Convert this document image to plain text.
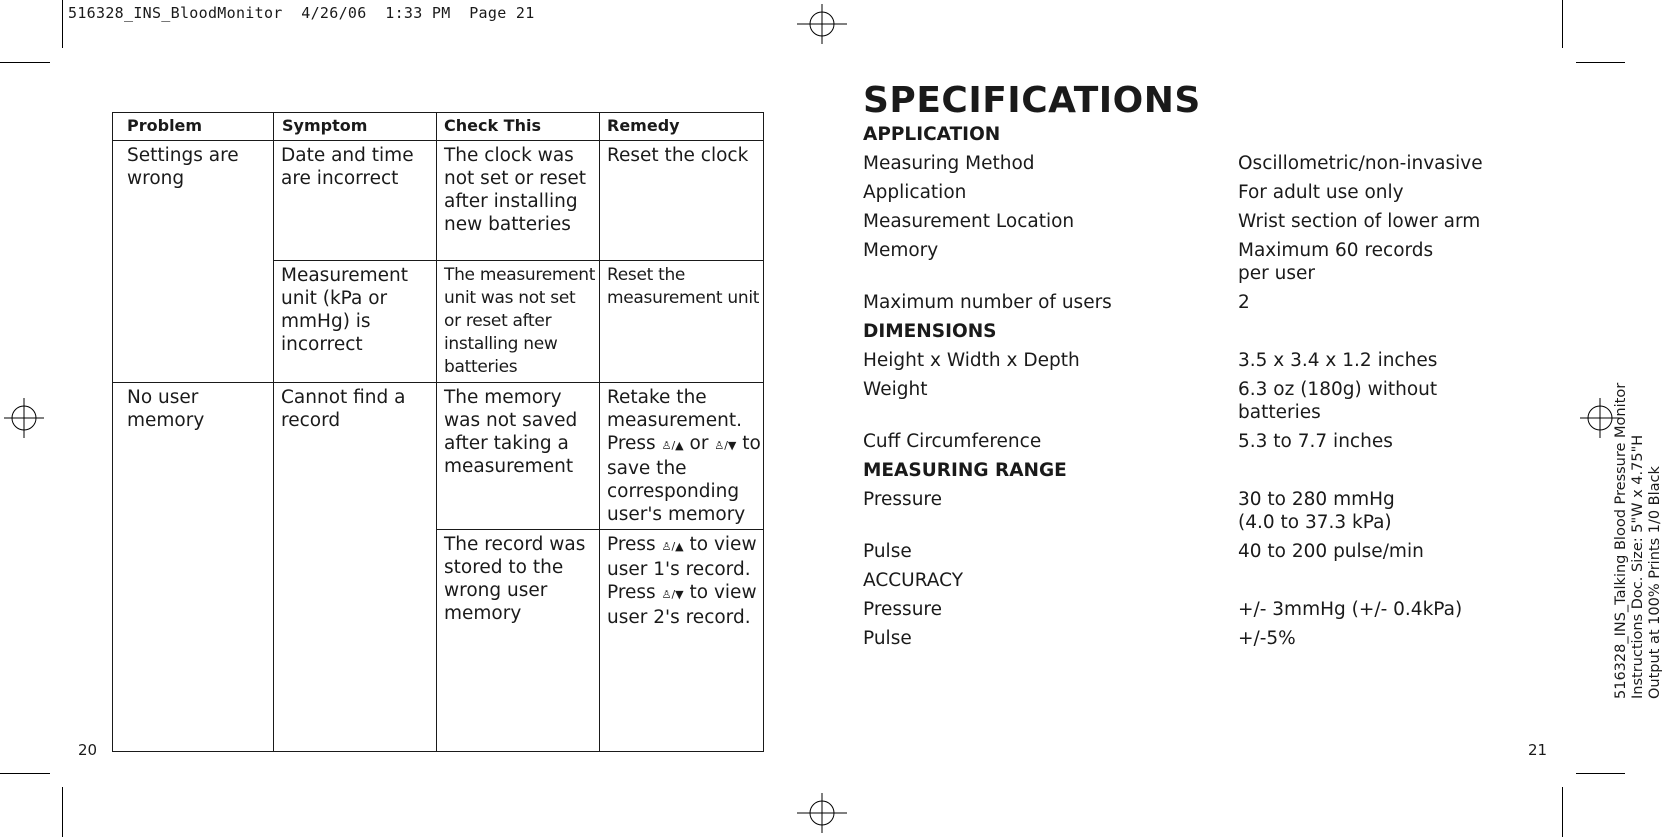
516328_INS_BloodMonitor  4/26/06  1:33 PM  Page 21
Problem	Symptom	Check This	Remedy
Settings are wrong	Date and time are incorrect	The clock was not set or reset after installing new batteries	Reset the clock
	Measurement unit (kPa or mmHg) is incorrect	The measurement unit was not set or reset after installing new batteries	Reset the measurement unit
No user memory	Cannot find a record	The memory was not saved after taking a measurement	Retake the measurement. Press ♙/▲ or ♙/▼ to save the corresponding user's memory
		The record was stored to the wrong user memory	Press ♙/▲ to view user 1's record. Press ♙/▼ to view user 2's record.
20	21
SPECIFICATIONS
APPLICATION
Measuring Method	Oscillometric/non-invasive
Application	For adult use only
Measurement Location	Wrist section of lower arm
Memory	Maximum 60 records
per user
Maximum number of users	2
DIMENSIONS
Height x Width x Depth	3.5 x 3.4 x 1.2 inches
Weight	6.3 oz (180g) without
batteries
Cuff Circumference	5.3 to 7.7 inches
MEASURING RANGE
Pressure	30 to 280 mmHg
(4.0 to 37.3 kPa)
Pulse	40 to 200 pulse/min
ACCURACY
Pressure	+/- 3mmHg (+/- 0.4kPa)
Pulse	+/-5%	516328_INS_Talking Blood Pressure Monitor Instructions Doc. Size: 5"W x 4.75"H Output at 100% Prints 1/0 Black
